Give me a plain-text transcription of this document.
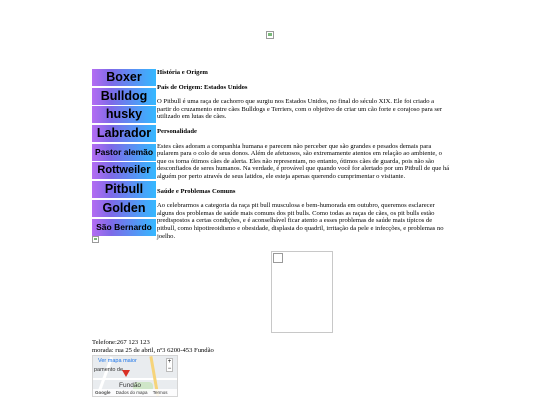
Boxer
Bulldog
husky
Labrador
Pastor alemão
Rottweiler
Pitbull
Golden
São Bernardo
História e Origem
País de Origem: Estados Unidos

O Pitbull é uma raça de cachorro que surgiu nos Estados Unidos, no final do século XIX. Ele foi criado a partir do cruzamento entre cães Bulldogs e Terriers, com o objetivo de criar um cão forte e corajoso para ser utilizado em lutas de cães.

Personalidade

Estes cães adoram a companhia humana e parecem não perceber que são grandes e pesados demais para pularem para o colo de seus donos. Além de afetuosos, são extremamente atentos em relação ao ambiente, o que os torna ótimos cães de alerta. Eles não representam, no entanto, ótimos cães de guarda, pois não são desconfiados de seres humanos. Na verdade, é provável que quando você for alertado por um Pitbull de que há alguém por perto através de seus latidos, ele esteja apenas querendo cumprimentar o visitante.

Saúde e Problemas Comuns

Ao celebrarmos a categoria da raça pit bull musculosa e bem-humorada em outubro, queremos esclarecer alguns dos problemas de saúde mais comuns dos pit bulls. Como todas as raças de cães, os pit bulls estão predispostos a certas condições, e é aconselhável ficar atento a esses problemas de saúde mais típicos de pitbull, como hipotireoidismo e obesidade, displasia do quadril, irritação da pele e infecções, e problemas no joelho.

Telefone:267 123 123
morada: rua 25 de abril, nº3 6200-453 Fundão
Ver mapa maior
pamento de...
Fundão
+
−
Google Dados do mapa Termos
